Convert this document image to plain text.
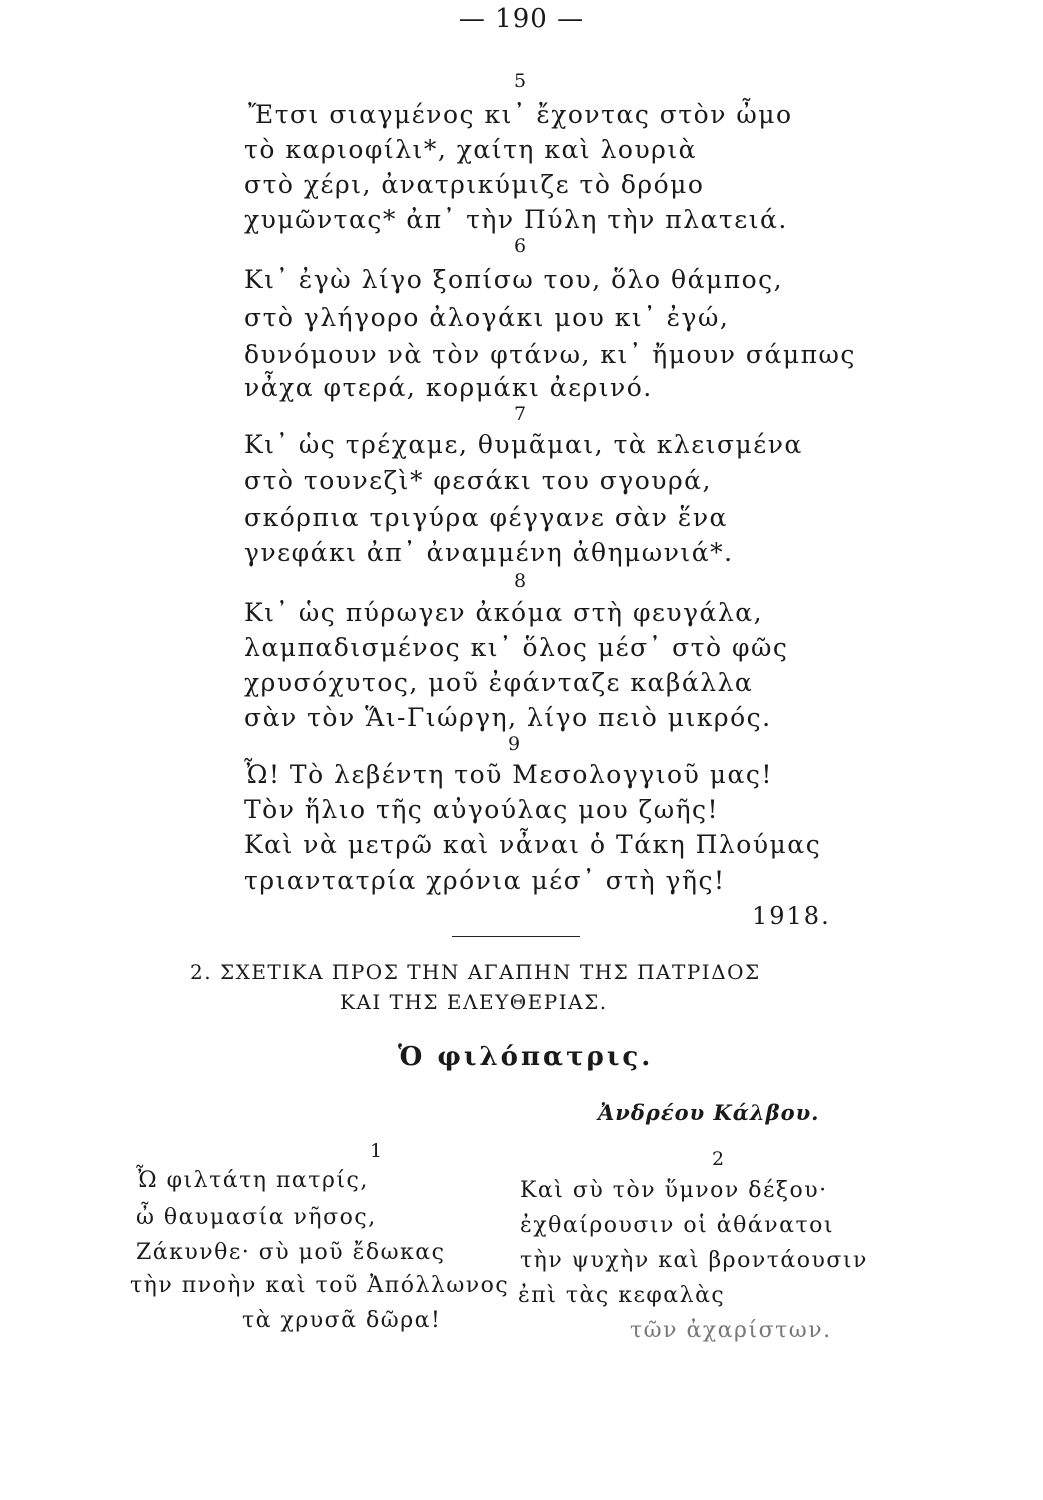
— 190 —
5
Ἔτσι σιαγμένος κι᾿ ἔχοντας στὸν ὦμο
τὸ καριοφίλι*, χαίτη καὶ λουριὰ
στὸ χέρι, ἀνατρικύμιζε τὸ δρόμο
χυμῶντας* ἀπ᾿ τὴν Πύλη τὴν πλατειά.
6
Κι᾿ ἐγὼ λίγο ξοπίσω του, ὅλο θάμπος,
στὸ γλήγορο ἀλογάκι μου κι᾿ ἐγώ,
δυνόμουν νὰ τὸν φτάνω, κι᾿ ἤμουν σάμπως
νἆχα φτερά, κορμάκι ἀερινό.
7
Κι᾿ ὡς τρέχαμε, θυμᾶμαι, τὰ κλεισμένα
στὸ τουνεζὶ* φεσάκι του σγουρά,
σκόρπια τριγύρα φέγγανε σὰν ἕνα
γνεφάκι ἀπ᾿ ἀναμμένη ἀθημωνιά*.
8
Κι᾿ ὡς πύρωγεν ἀκόμα στὴ φευγάλα,
λαμπαδισμένος κι᾿ ὅλος μέσ᾿ στὸ φῶς
χρυσόχυτος, μοῦ ἐφάνταζε καβάλλα
σὰν τὸν Ἅι-Γιώργη, λίγο πειὸ μικρός.
9
Ὦ! Τὸ λεβέντη τοῦ Μεσολογγιοῦ μας!
Τὸν ἥλιο τῆς αὐγούλας μου ζωῆς!
Καὶ νὰ μετρῶ καὶ νἆναι ὁ Τάκη Πλούμας
τριαντατρία χρόνια μέσ᾿ στὴ γῆς!
1918.
2. ΣΧΕΤΙΚΑ ΠΡΟΣ ΤΗΝ ΑΓΑΠΗΝ ΤΗΣ ΠΑΤΡΙΔΟΣ
ΚΑΙ ΤΗΣ ΕΛΕΥΘΕΡΙΑΣ.
Ὁ φιλόπατρις.
Ἀνδρέου Κάλβου.
1
Ὦ φιλτάτη πατρίς,
ὦ θαυμασία νῆσος,
Ζάκυνθε· σὺ μοῦ ἔδωκας
τὴν πνοὴν καὶ τοῦ Ἀπόλλωνος
τὰ χρυσᾶ δῶρα!
2
Καὶ σὺ τὸν ὕμνον δέξου·
ἐχθαίρουσιν οἱ ἀθάνατοι
τὴν ψυχὴν καὶ βροντάουσιν
ἐπὶ τὰς κεφαλὰς
τῶν ἀχαρίστων.
